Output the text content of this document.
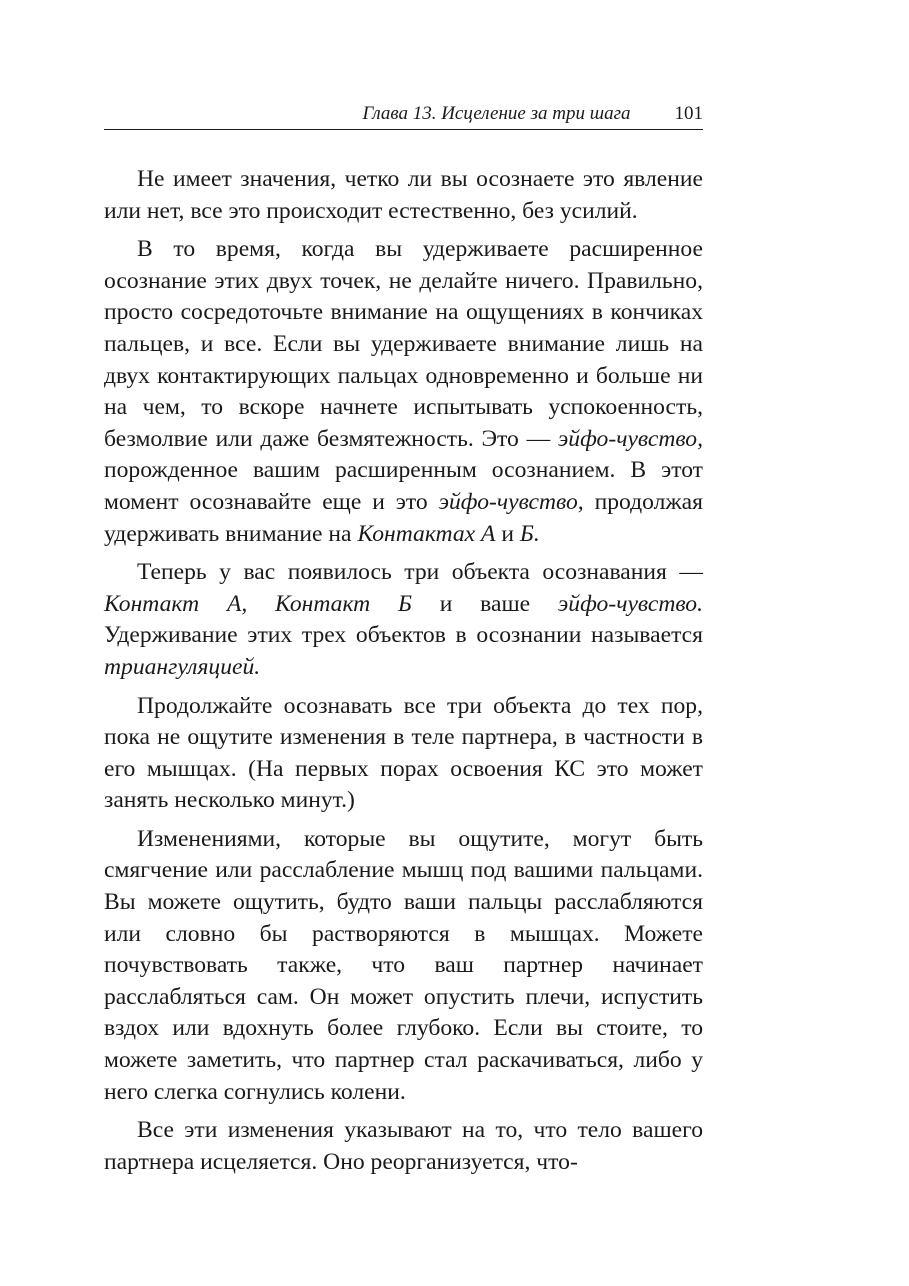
Глава 13. Исцеление за три шага 101

Не имеет значения, четко ли вы осознаете это явление или нет, все это происходит естественно, без усилий.

В то время, когда вы удерживаете расширенное осознание этих двух точек, не делайте ничего. Правильно, просто сосредоточьте внимание на ощущениях в кончиках пальцев, и все. Если вы удерживаете внимание лишь на двух контактирующих пальцах одновременно и больше ни на чем, то вскоре начнете испытывать успокоенность, безмолвие или даже безмятежность. Это — эйфо-чувство, порожденное вашим расширенным осознанием. В этот момент осознавайте еще и это эйфо-чувство, продолжая удерживать внимание на Контактах А и Б.

Теперь у вас появилось три объекта осознавания — Контакт А, Контакт Б и ваше эйфо-чувство. Удерживание этих трех объектов в осознании называется триангуляцией.

Продолжайте осознавать все три объекта до тех пор, пока не ощутите изменения в теле партнера, в частности в его мышцах. (На первых порах освоения КС это может занять несколько минут.)

Изменениями, которые вы ощутите, могут быть смягчение или расслабление мышц под вашими пальцами. Вы можете ощутить, будто ваши пальцы расслабляются или словно бы растворяются в мышцах. Можете почувствовать также, что ваш партнер начинает расслабляться сам. Он может опустить плечи, испустить вздох или вдохнуть более глубоко. Если вы стоите, то можете заметить, что партнер стал раскачиваться, либо у него слегка согнулись колени.

Все эти изменения указывают на то, что тело вашего партнера исцеляется. Оно реорганизуется, что-
